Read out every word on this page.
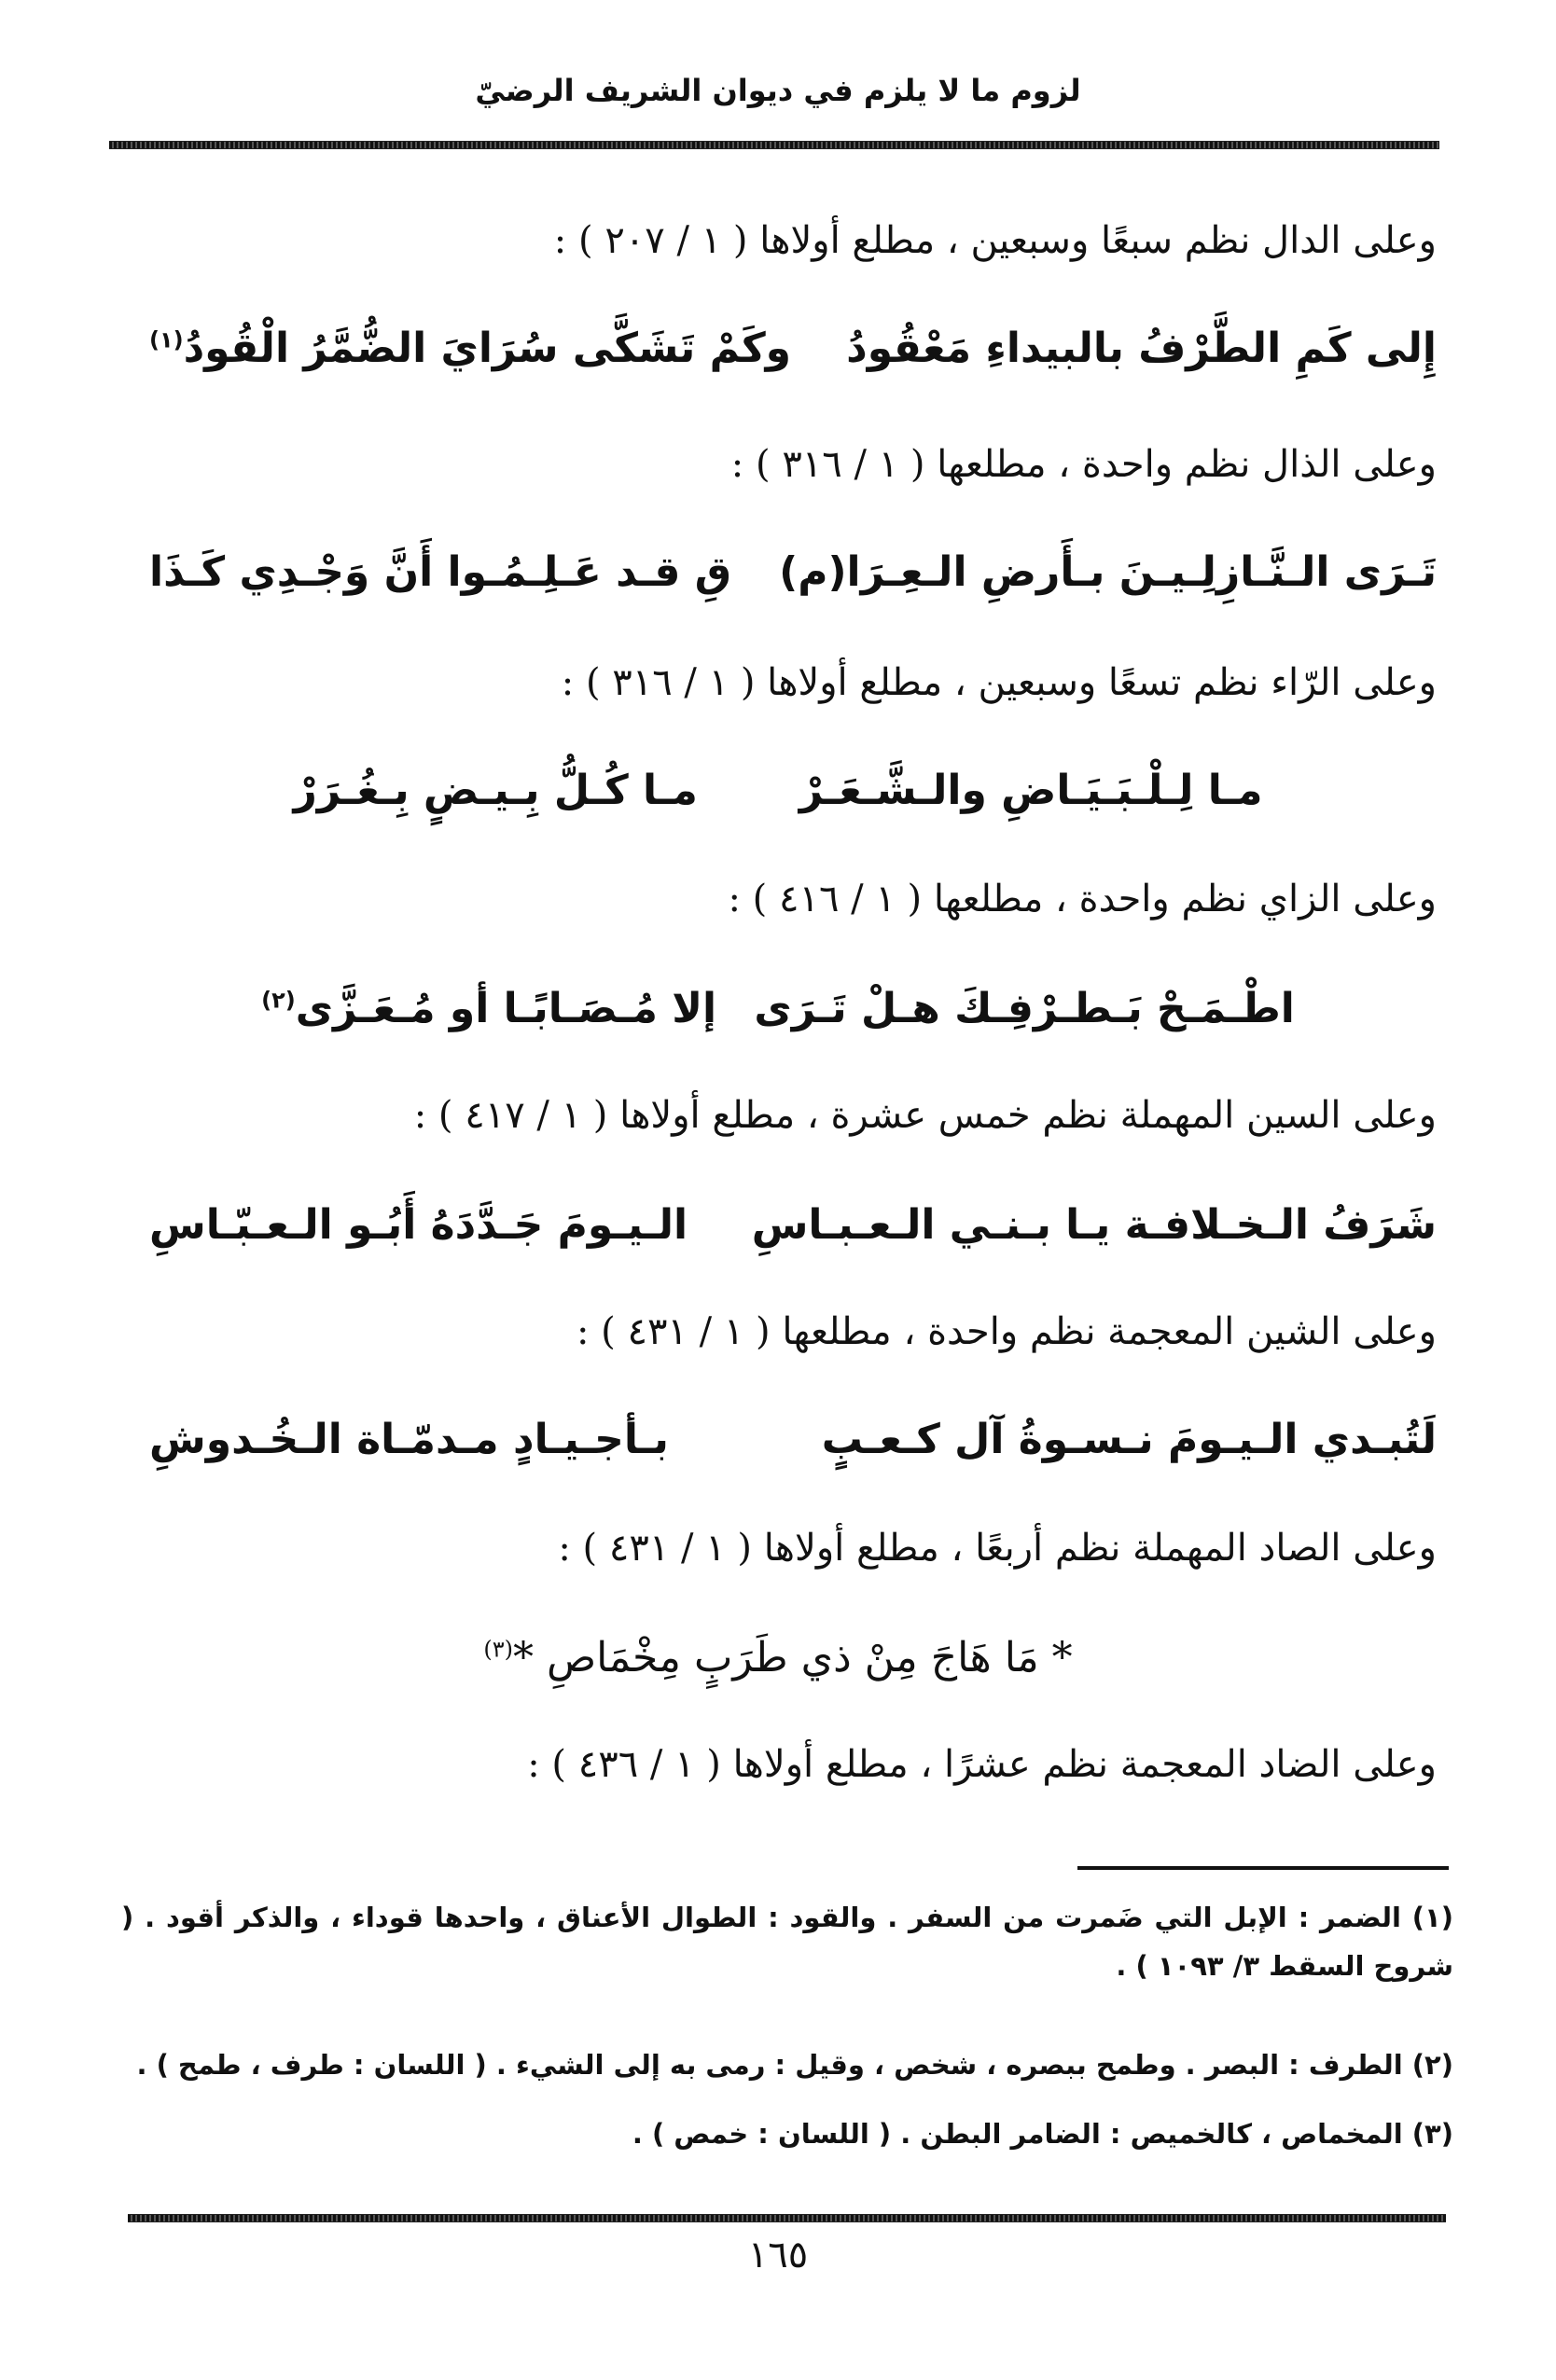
لزوم ما لا يلزم في ديوان الشريف الرضيّ
وعلى الدال نظم سبعًا وسبعين ، مطلع أولاها ( ١ / ٢٠٧ ) :
إِلى كَمِ الطَّرْفُ بالبيداءِ مَعْقُودُ
وكَمْ تَشَكَّى سُرَايَ الضُّمَّرُ الْقُودُ$^{(١)}$
وعلى الذال نظم واحدة ، مطلعها ( ١ / ٣١٦ ) :
تَـرَى الـنَّـازِلِـيـنَ بـأَرضِ الـعِـرَا(م)
قِ قـد عَـلِـمُـوا أَنَّ وَجْـدِي كَـذَا
وعلى الرّاء نظم تسعًا وسبعين ، مطلع أولاها ( ١ / ٣١٦ ) :
مـا لِـلْـبَـيَـاضِ والـشَّـعَـرْ
مـا كُـلُّ بِـيـضٍ بِـغُـرَرْ
وعلى الزاي نظم واحدة ، مطلعها ( ١ / ٤١٦ ) :
اطْـمَـحْ بَـطـرْفِـكَ هـلْ تَـرَى
إلا مُـصَـابًـا أو مُـعَـزَّى$^{(٢)}$
وعلى السين المهملة نظم خمس عشرة ، مطلع أولاها ( ١ / ٤١٧ ) :
شَرَفُ الـخـلافـة يـا بـنـي الـعـبـاسِ
الـيـومَ جَـدَّدَهُ أَبُـو الـعـبّـاسِ
وعلى الشين المعجمة نظم واحدة ، مطلعها ( ١ / ٤٣١ ) :
لَتُبـدي الـيـومَ نـسـوةُ آل كـعـبٍ
بـأجـيـادٍ مـدمّـاة الـخُـدوشِ
وعلى الصاد المهملة نظم أربعًا ، مطلع أولاها ( ١ / ٤٣١ ) :
* مَا هَاجَ مِنْ ذي طَرَبٍ مِخْمَاصِ *$^{(٣)}$
وعلى الضاد المعجمة نظم عشرًا ، مطلع أولاها ( ١ / ٤٣٦ ) :
(١) الضمر : الإبل التي ضَمرت من السفر . والقود : الطوال الأعناق ، واحدها قوداء ، والذكر أقود . ( شروح السقط ٣/ ١٠٩٣ ) .
(٢) الطرف : البصر . وطمح ببصره ، شخص ، وقيل : رمى به إلى الشيء . ( اللسان : طرف ، طمح ) .
(٣) المخماص ، كالخميص : الضامر البطن . ( اللسان : خمص ) .
١٦٥
